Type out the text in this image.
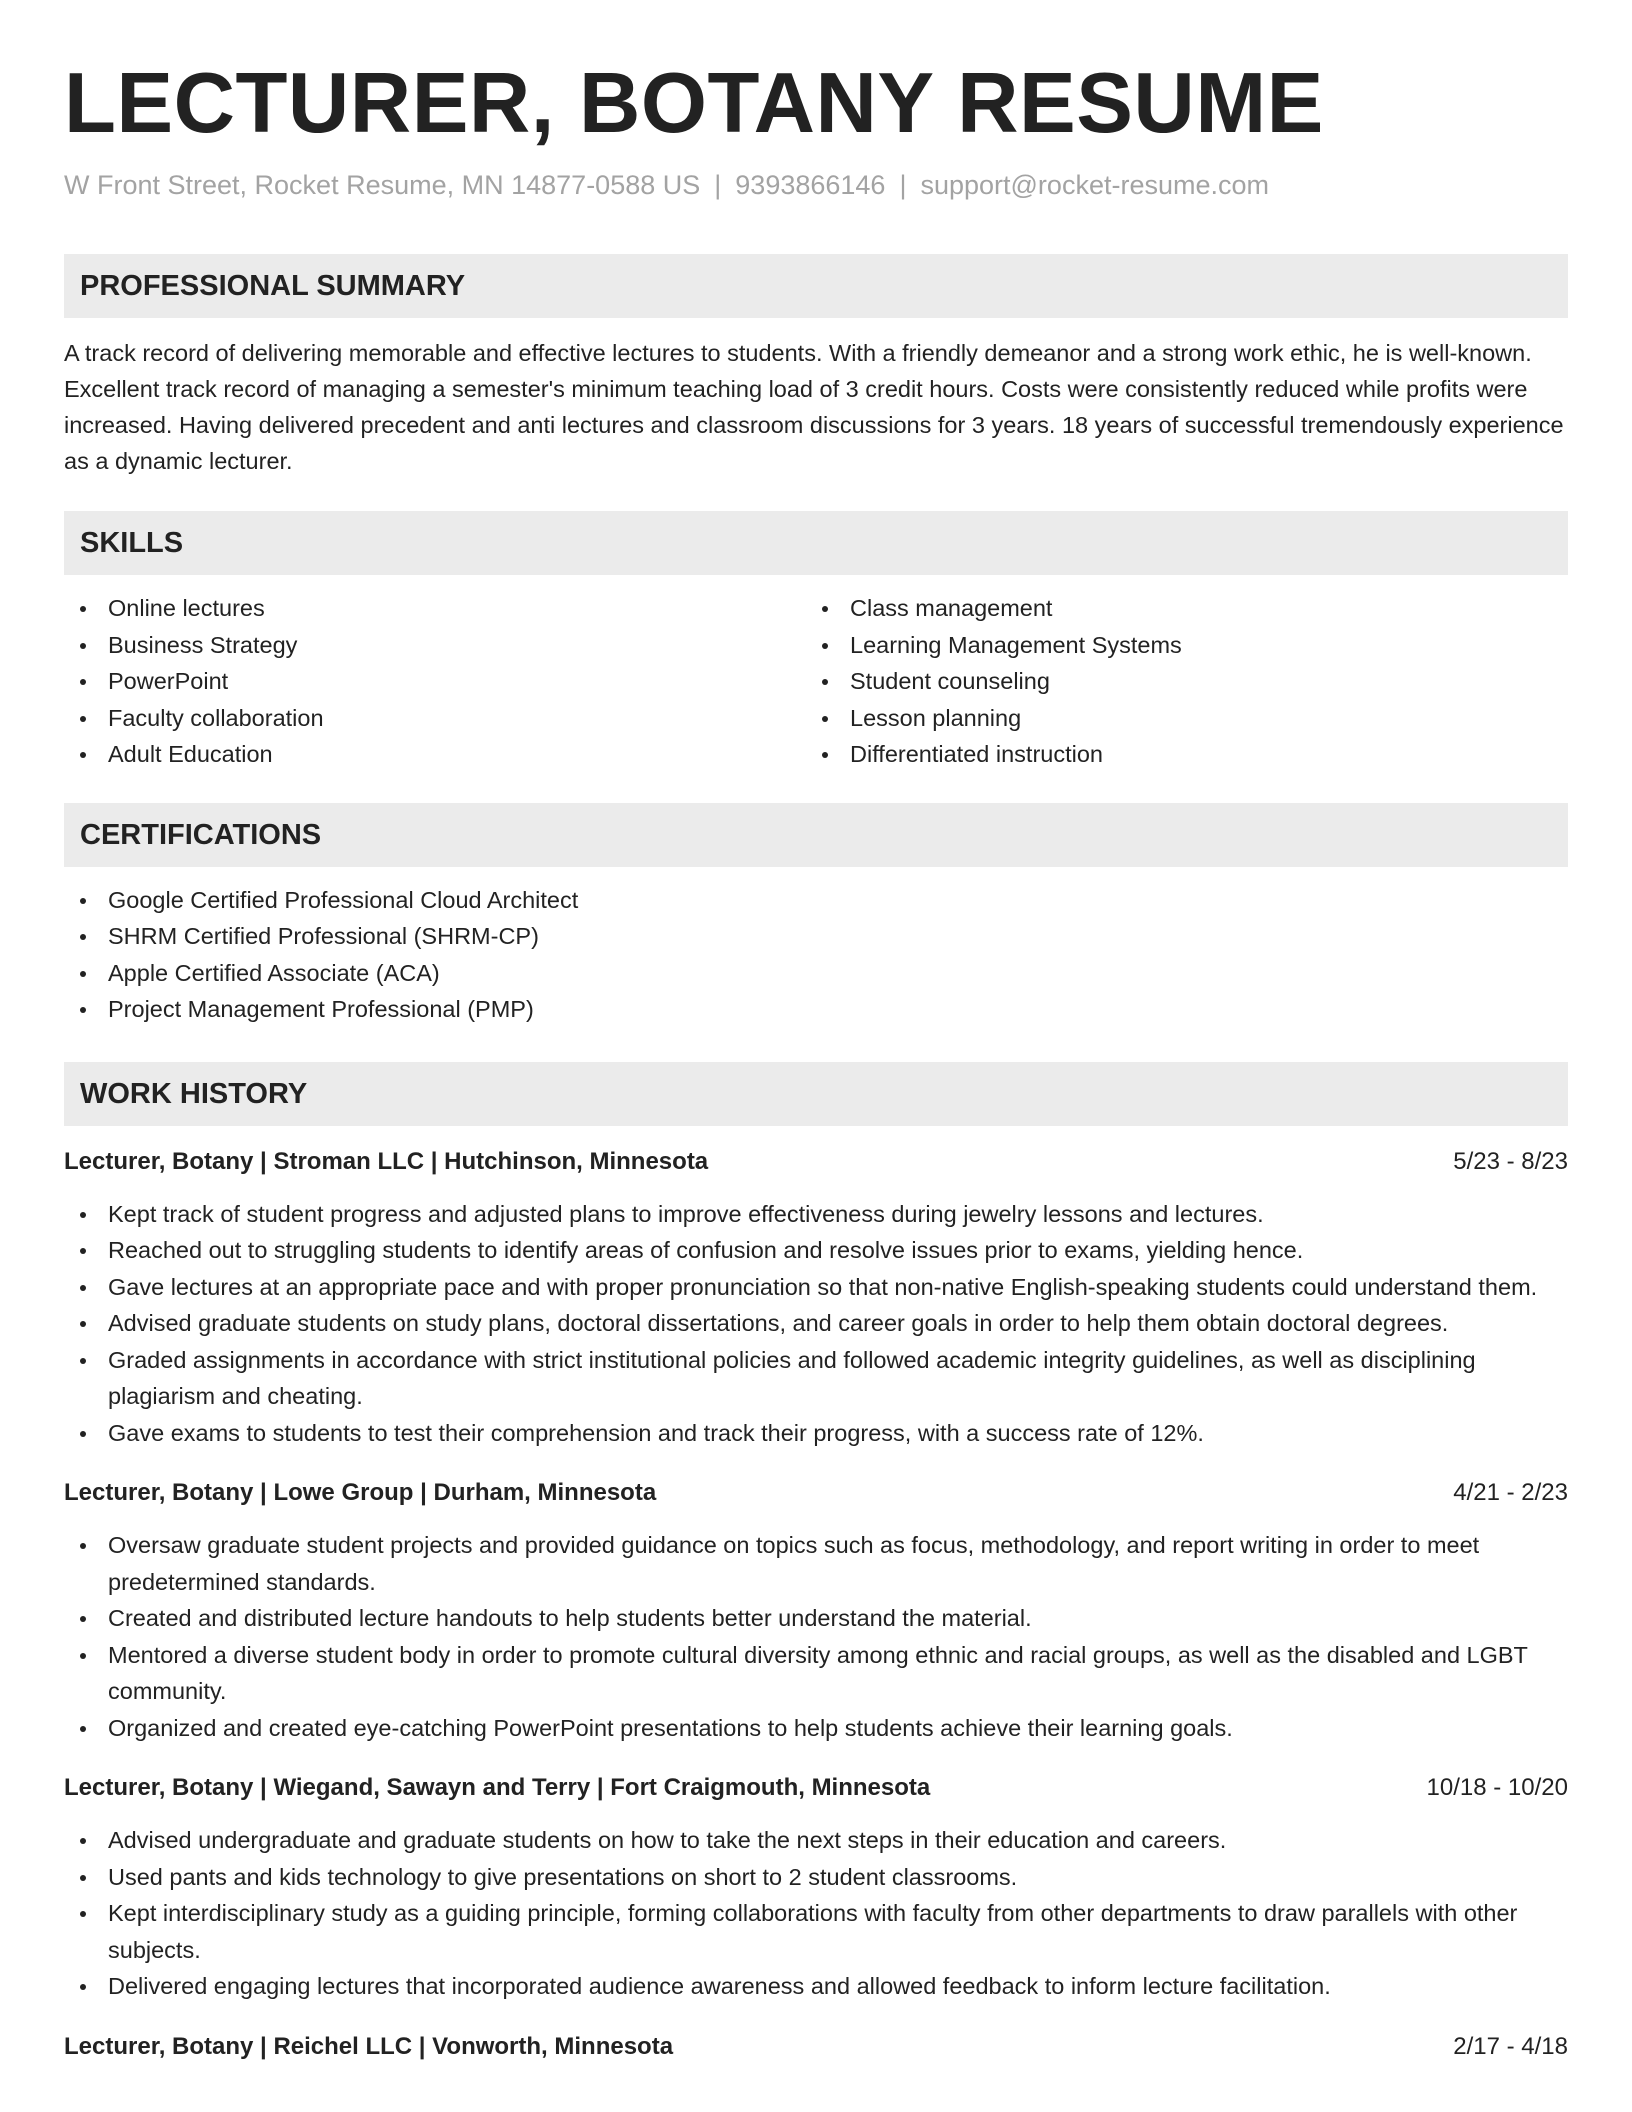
LECTURER, BOTANY RESUME
W Front Street, Rocket Resume, MN 14877-0588 US | 9393866146 | support@rocket-resume.com
PROFESSIONAL SUMMARY

A track record of delivering memorable and effective lectures to students. With a friendly demeanor and a strong work ethic, he is well-known. Excellent track record of managing a semester's minimum teaching load of 3 credit hours. Costs were consistently reduced while profits were increased. Having delivered precedent and anti lectures and classroom discussions for 3 years. 18 years of successful tremendously experience as a dynamic lecturer.

SKILLS
Online lectures
Business Strategy
PowerPoint
Faculty collaboration
Adult Education
Class management
Learning Management Systems
Student counseling
Lesson planning
Differentiated instruction
CERTIFICATIONS
Google Certified Professional Cloud Architect
SHRM Certified Professional (SHRM-CP)
Apple Certified Associate (ACA)
Project Management Professional (PMP)
WORK HISTORY
Lecturer, Botany | Stroman LLC | Hutchinson, Minnesota	5/23 - 8/23
Kept track of student progress and adjusted plans to improve effectiveness during jewelry lessons and lectures.
Reached out to struggling students to identify areas of confusion and resolve issues prior to exams, yielding hence.
Gave lectures at an appropriate pace and with proper pronunciation so that non-native English-speaking students could understand them.
Advised graduate students on study plans, doctoral dissertations, and career goals in order to help them obtain doctoral degrees.
Graded assignments in accordance with strict institutional policies and followed academic integrity guidelines, as well as disciplining plagiarism and cheating.
Gave exams to students to test their comprehension and track their progress, with a success rate of 12%.
Lecturer, Botany | Lowe Group | Durham, Minnesota	4/21 - 2/23
Oversaw graduate student projects and provided guidance on topics such as focus, methodology, and report writing in order to meet predetermined standards.
Created and distributed lecture handouts to help students better understand the material.
Mentored a diverse student body in order to promote cultural diversity among ethnic and racial groups, as well as the disabled and LGBT community.
Organized and created eye-catching PowerPoint presentations to help students achieve their learning goals.
Lecturer, Botany | Wiegand, Sawayn and Terry | Fort Craigmouth, Minnesota	10/18 - 10/20
Advised undergraduate and graduate students on how to take the next steps in their education and careers.
Used pants and kids technology to give presentations on short to 2 student classrooms.
Kept interdisciplinary study as a guiding principle, forming collaborations with faculty from other departments to draw parallels with other subjects.
Delivered engaging lectures that incorporated audience awareness and allowed feedback to inform lecture facilitation.
Lecturer, Botany | Reichel LLC | Vonworth, Minnesota	2/17 - 4/18
